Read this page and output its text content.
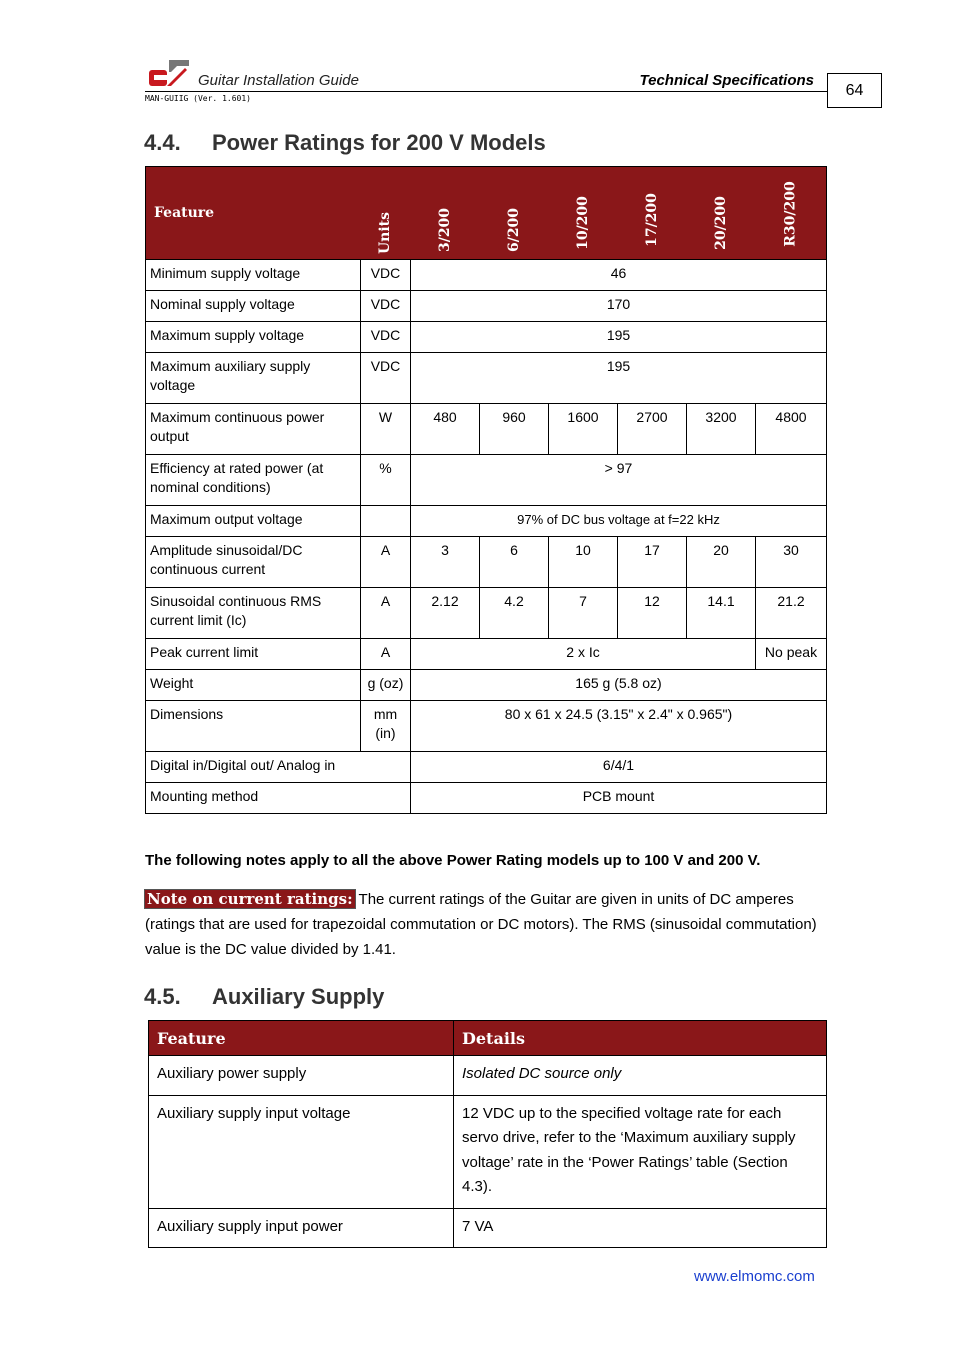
Guitar Installation Guide	Technical Specifications
MAN-GUIIG (Ver. 1.601)	64
4.4. Power Ratings for 200 V Models
Feature	Units	3/200	6/200	10/200	17/200	20/200	R30/200
Minimum supply voltage	VDC	46					
Nominal supply voltage	VDC	170					
Maximum supply voltage	VDC	195					
Maximum auxiliary supply voltage	VDC	195					
Maximum continuous power output	W	480	960	1600	2700	3200	4800
Efficiency at rated power (at nominal conditions)	%	> 97					
Maximum output voltage		97% of DC bus voltage at f=22 kHz					
Amplitude sinusoidal/DC continuous current	A	3	6	10	17	20	30
Sinusoidal continuous RMS current limit (Ic)	A	2.12	4.2	7	12	14.1	21.2
Peak current limit	A	2 x Ic					No peak
Weight	g (oz)	165 g (5.8 oz)					
Dimensions	mm (in)	80 x 61 x 24.5 (3.15" x 2.4" x 0.965")					
Digital in/Digital out/ Analog in		6/4/1					
Mounting method		PCB mount					
The following notes apply to all the above Power Rating models up to 100 V and 200 V.
Note on current ratings: The current ratings of the Guitar are given in units of DC amperes (ratings that are used for trapezoidal commutation or DC motors). The RMS (sinusoidal commutation) value is the DC value divided by 1.41.
4.5. Auxiliary Supply
Feature	Details
Auxiliary power supply	Isolated DC source only
Auxiliary supply input voltage	12 VDC up to the specified voltage rate for each servo drive, refer to the ‘Maximum auxiliary supply voltage’ rate in the ‘Power Ratings’ table (Section 4.3).
Auxiliary supply input power	7 VA
www.elmomc.com
